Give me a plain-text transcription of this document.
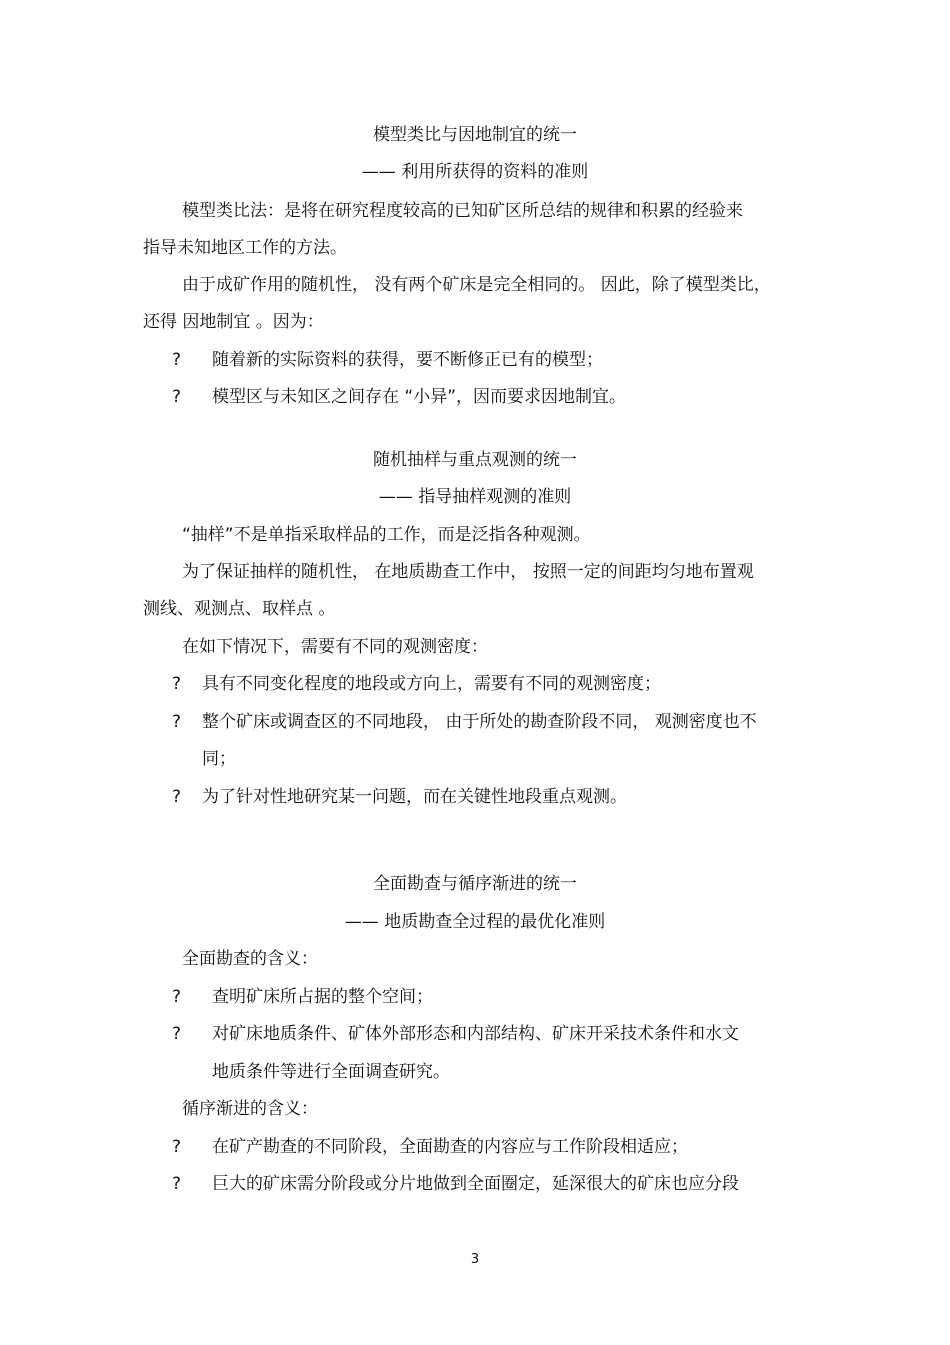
模型类比与因地制宜的统一
—— 利用所获得的资料的准则
模型类比法：是将在研究程度较高的已知矿区所总结的规律和积累的经验来
指导未知地区工作的方法。
由于成矿作用的随机性， 没有两个矿床是完全相同的。 因此，除了模型类比，
还得 因地制宜 。因为：
? 随着新的实际资料的获得，要不断修正已有的模型；
? 模型区与未知区之间存在 “小异”，因而要求因地制宜。
随机抽样与重点观测的统一
—— 指导抽样观测的准则
“抽样”不是单指采取样品的工作，而是泛指各种观测。
为了保证抽样的随机性， 在地质勘查工作中， 按照一定的间距均匀地布置观
测线、观测点、取样点 。
在如下情况下，需要有不同的观测密度：
? 具有不同变化程度的地段或方向上，需要有不同的观测密度；
? 整个矿床或调查区的不同地段， 由于所处的勘查阶段不同， 观测密度也不
同；
? 为了针对性地研究某一问题，而在关键性地段重点观测。
全面勘查与循序渐进的统一
—— 地质勘查全过程的最优化准则
全面勘查的含义：
? 查明矿床所占据的整个空间；
? 对矿床地质条件、矿体外部形态和内部结构、矿床开采技术条件和水文
地质条件等进行全面调查研究。
循序渐进的含义：
? 在矿产勘查的不同阶段，全面勘查的内容应与工作阶段相适应；
? 巨大的矿床需分阶段或分片地做到全面圈定，延深很大的矿床也应分段
3
